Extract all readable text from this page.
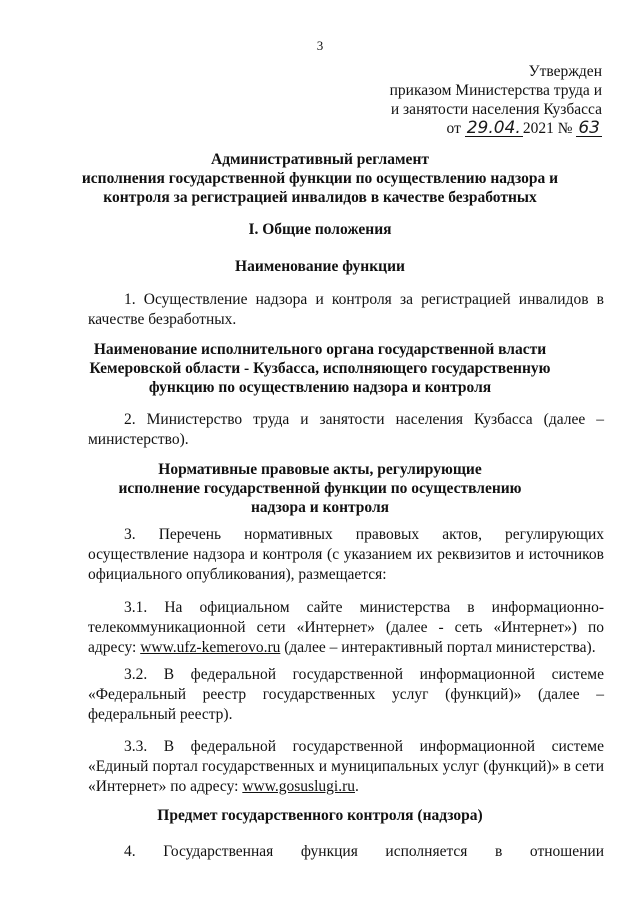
3
Утвержден
приказом Министерства труда и
и занятости населения Кузбасса
от 29.04. 2021 № 63
Административный регламент
исполнения государственной функции по осуществлению надзора и
контроля за регистрацией инвалидов в качестве безработных
I. Общие положения
Наименование функции
1. Осуществление надзора и контроля за регистрацией инвалидов в качестве безработных.
Наименование исполнительного органа государственной власти
Кемеровской области - Кузбасса, исполняющего государственную
функцию по осуществлению надзора и контроля
2. Министерство труда и занятости населения Кузбасса (далее – министерство).
Нормативные правовые акты, регулирующие
исполнение государственной функции по осуществлению
надзора и контроля
3. Перечень нормативных правовых актов, регулирующих осуществление надзора и контроля (с указанием их реквизитов и источников официального опубликования), размещается:
3.1. На официальном сайте министерства в информационно-телекоммуникационной сети «Интернет» (далее - сеть «Интернет») по адресу: www.ufz-kemerovo.ru (далее – интерактивный портал министерства).
3.2. В федеральной государственной информационной системе «Федеральный реестр государственных услуг (функций)» (далее – федеральный реестр).
3.3. В федеральной государственной информационной системе «Единый портал государственных и муниципальных услуг (функций)» в сети «Интернет» по адресу: www.gosuslugi.ru.
Предмет государственного контроля (надзора)
4. Государственная функция исполняется в отношении
